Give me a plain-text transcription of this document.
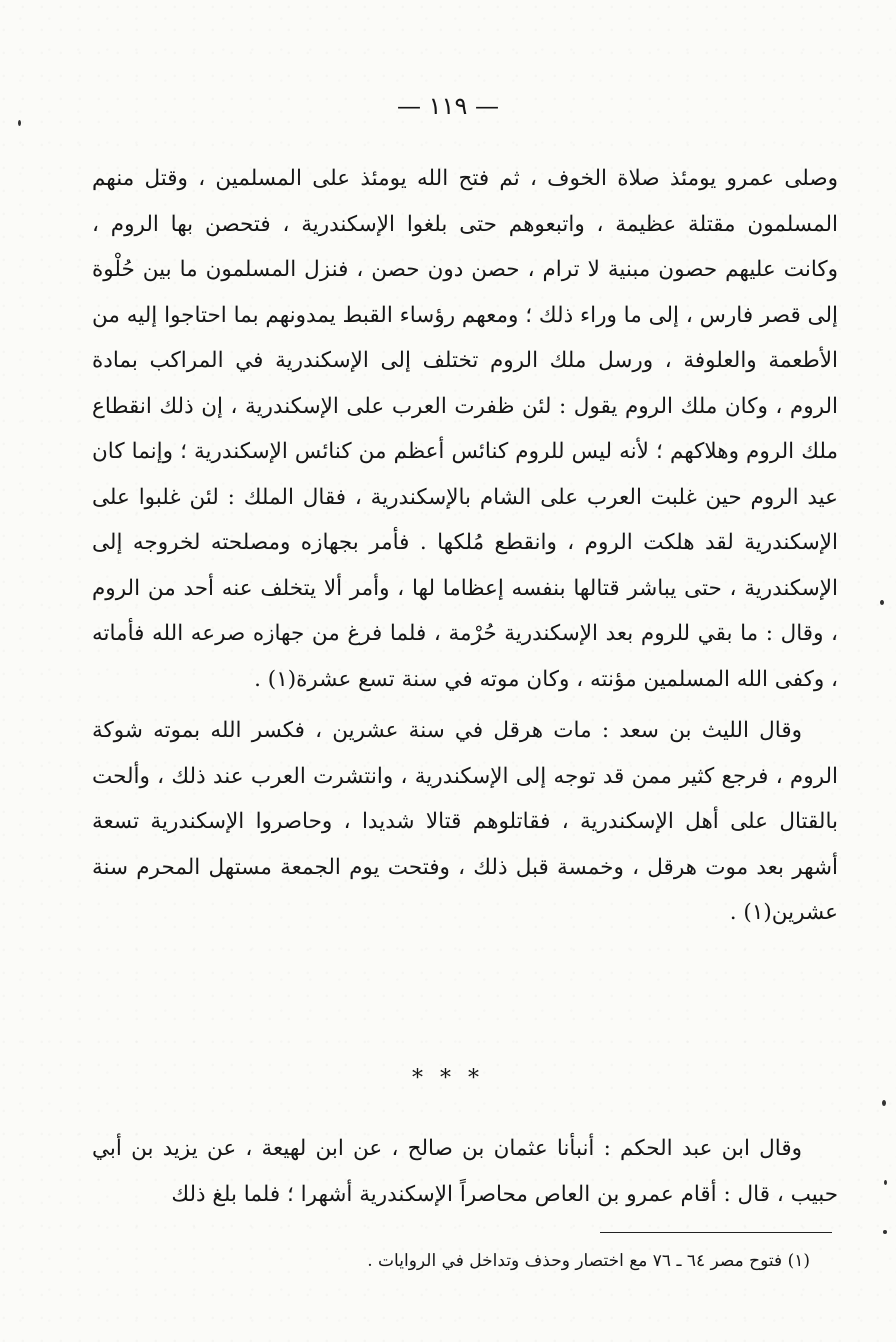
— ١١٩ —

وصلى عمرو يومئذ صلاة الخوف ، ثم فتح الله يومئذ على المسلمين ، وقتل منهم المسلمون مقتلة عظيمة ، واتبعوهم حتى بلغوا الإسكندرية ، فتحصن بها الروم ، وكانت عليهم حصون مبنية لا ترام ، حصن دون حصن ، فنزل المسلمون ما بين حُلْوة إلى قصر فارس ، إلى ما وراء ذلك ؛ ومعهم رؤساء القبط يمدونهم بما احتاجوا إليه من الأطعمة والعلوفة ، ورسل ملك الروم تختلف إلى الإسكندرية في المراكب بمادة الروم ، وكان ملك الروم يقول : لئن ظفرت العرب على الإسكندرية ، إن ذلك انقطاع ملك الروم وهلاكهم ؛ لأنه ليس للروم كنائس أعظم من كنائس الإسكندرية ؛ وإنما كان عيد الروم حين غلبت العرب على الشام بالإسكندرية ، فقال الملك : لئن غلبوا على الإسكندرية لقد هلكت الروم ، وانقطع مُلكها . فأمر بجهازه ومصلحته لخروجه إلى الإسكندرية ، حتى يباشر قتالها بنفسه إعظاما لها ، وأمر ألا يتخلف عنه أحد من الروم ، وقال : ما بقي للروم بعد الإسكندرية حُرْمة ، فلما فرغ من جهازه صرعه الله فأماته ، وكفى الله المسلمين مؤنته ، وكان موته في سنة تسع عشرة(١) .

وقال الليث بن سعد : مات هرقل في سنة عشرين ، فكسر الله بموته شوكة الروم ، فرجع كثير ممن قد توجه إلى الإسكندرية ، وانتشرت العرب عند ذلك ، وألحت بالقتال على أهل الإسكندرية ، فقاتلوهم قتالا شديدا ، وحاصروا الإسكندرية تسعة أشهر بعد موت هرقل ، وخمسة قبل ذلك ، وفتحت يوم الجمعة مستهل المحرم سنة عشرين(١) .

* * *

وقال ابن عبد الحكم : أنبأنا عثمان بن صالح ، عن ابن لهيعة ، عن يزيد بن أبي حبيب ، قال : أقام عمرو بن العاص محاصراً الإسكندرية أشهرا ؛ فلما بلغ ذلك

(١) فتوح مصر ٦٤ ـ ٧٦ مع اختصار وحذف وتداخل في الروايات .
